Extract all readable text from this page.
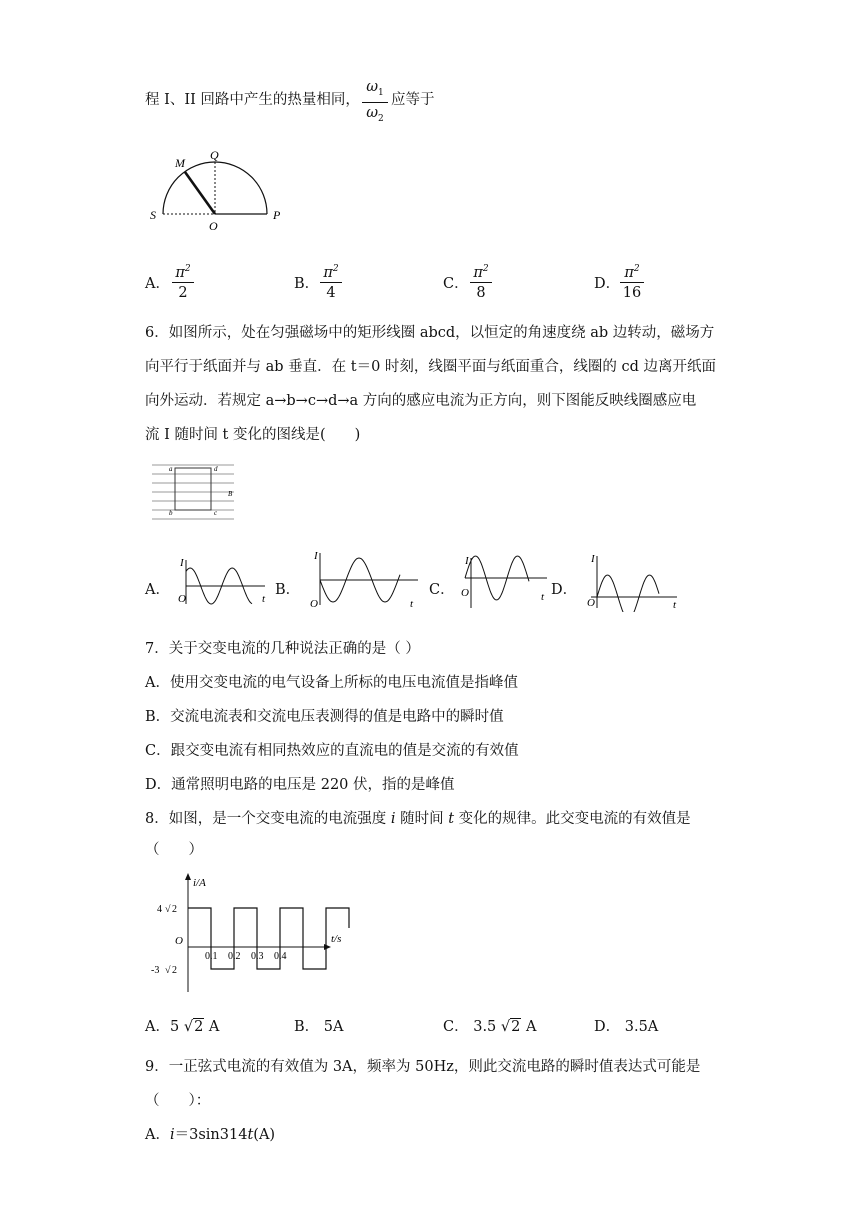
程 I、II 回路中产生的热量相同， $\frac{\omega_1}{\omega_2}$ 应等于
M
Q
S
O
P
A． $\frac{\pi^2}{2}$	B． $\frac{\pi^2}{4}$	C． $\frac{\pi^2}{8}$	D． $\frac{\pi^2}{16}$
6．如图所示，处在匀强磁场中的矩形线圈 abcd，以恒定的角速度绕 ab 边转动，磁场方
向平行于纸面并与 ab 垂直．在 t＝0 时刻，线圈平面与纸面重合，线圈的 cd 边离开纸面
向外运动．若规定 a→b→c→d→a 方向的感应电流为正方向，则下图能反映线圈感应电
流 I 随时间 t 变化的图线是(　　)
a	d
b	c
B
A．
I
O	t
B．
I
O	t
C．
I
O	t D．
I
O	t
7．关于交变电流的几种说法正确的是（ ）
A．使用交变电流的电气设备上所标的电压电流值是指峰值
B．交流电流表和交流电压表测得的值是电路中的瞬时值
C．跟交变电流有相同热效应的直流电的值是交流的有效值
D．通常照明电路的电压是 220 伏，指的是峰值
8．如图，是一个交变电流的电流强度 i 随时间 t 变化的规律。此交变电流的有效值是
（　　）
i/A
t/s
O
4 √ 2
-3 √ 2
0.1 0.2 0.3 0.4
A．5 √2 A	B． 5A	C． 3.5 √2 A	D． 3.5A
9．一正弦式电流的有效值为 3A，频率为 50Hz，则此交流电路的瞬时值表达式可能是
（　　）：
A．i＝3sin314t(A)
